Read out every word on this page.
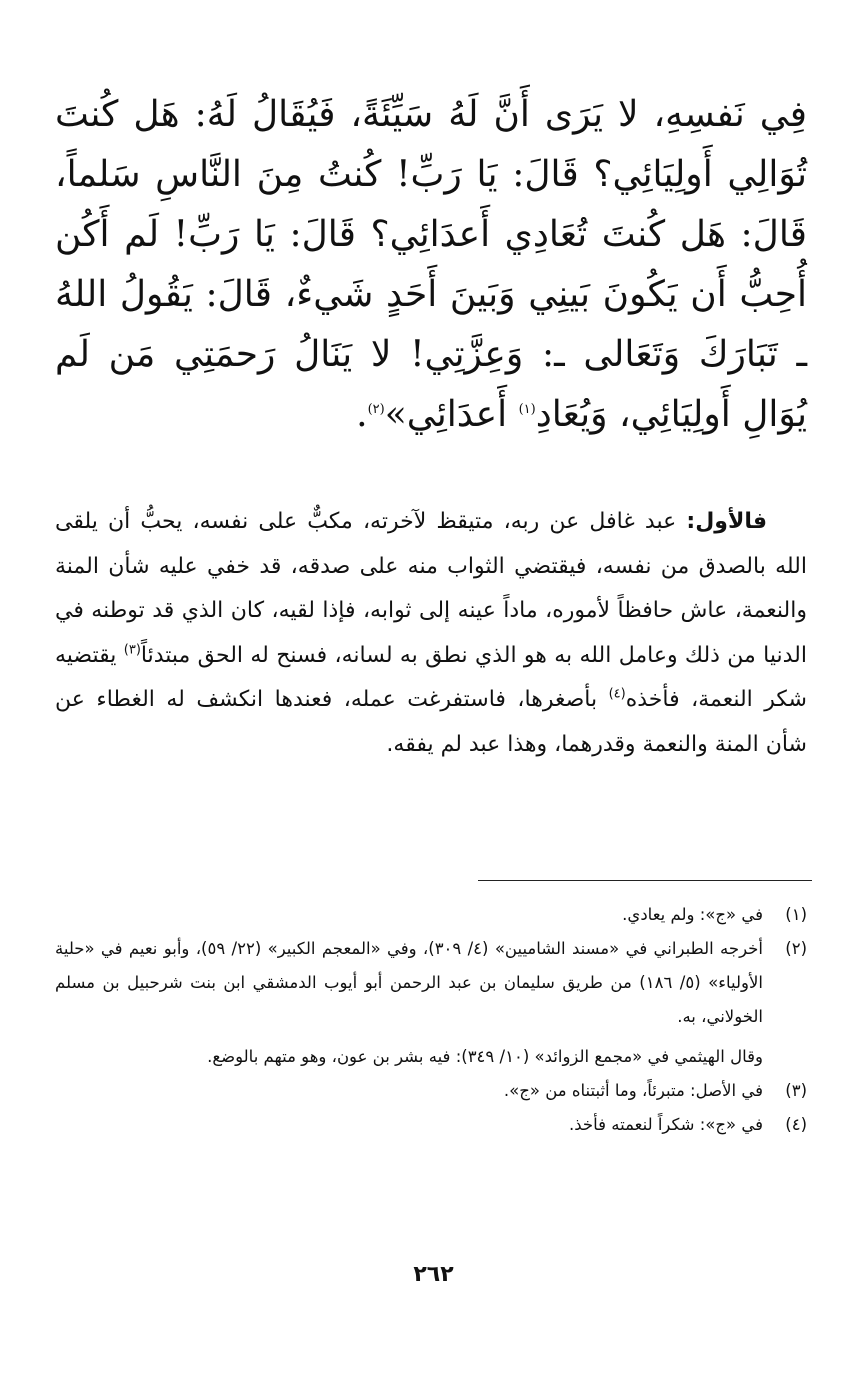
فِي نَفسِهِ، لا يَرَى أَنَّ لَهُ سَيِّئَةً، فَيُقَالُ لَهُ: هَل كُنتَ تُوَالِي أَولِيَائِي؟ قَالَ: يَا رَبِّ! كُنتُ مِنَ النَّاسِ سَلماً، قَالَ: هَل كُنتَ تُعَادِي أَعدَائِي؟ قَالَ: يَا رَبِّ! لَم أَكُن أُحِبُّ أَن يَكُونَ بَينِي وَبَينَ أَحَدٍ شَيءٌ، قَالَ: يَقُولُ اللهُ ـ تَبَارَكَ وَتَعَالى ـ: وَعِزَّتِي! لا يَنَالُ رَحمَتِي مَن لَم يُوَالِ أَولِيَائِي، وَيُعَادِ$^{(١)}$ أَعدَائِي»$^{(٢)}$.

فالأول: عبد غافل عن ربه، متيقظ لآخرته، مكبٌّ على نفسه، يحبُّ أن يلقى الله بالصدق من نفسه، فيقتضي الثواب منه على صدقه، قد خفي عليه شأن المنة والنعمة، عاش حافظاً لأموره، ماداً عينه إلى ثوابه، فإذا لقيه، كان الذي قد توطنه في الدنيا من ذلك وعامل الله به هو الذي نطق به لسانه، فسنح له الحق مبتدئاً$^{(٣)}$ يقتضيه شكر النعمة، فأخذه$^{(٤)}$ بأصغرها، فاستفرغت عمله، فعندها انكشف له الغطاء عن شأن المنة والنعمة وقدرهما، وهذا عبد لم يفقه.

(١)
في «ج»: ولم يعادي.
(٢)
أخرجه الطبراني في «مسند الشاميين» (٤/ ٣٠٩)، وفي «المعجم الكبير» (٢٢/ ٥٩)، وأبو نعيم في «حلية الأولياء» (٥/ ١٨٦) من طريق سليمان بن عبد الرحمن أبو أيوب الدمشقي ابن بنت شرحبيل بن مسلم الخولاني، به.
وقال الهيثمي في «مجمع الزوائد» (١٠/ ٣٤٩): فيه بشر بن عون، وهو متهم بالوضع.
(٣)
في الأصل: متبرئاً، وما أثبتناه من «ج».
(٤)
في «ج»: شكراً لنعمته فأخذ.
٢٦٢
